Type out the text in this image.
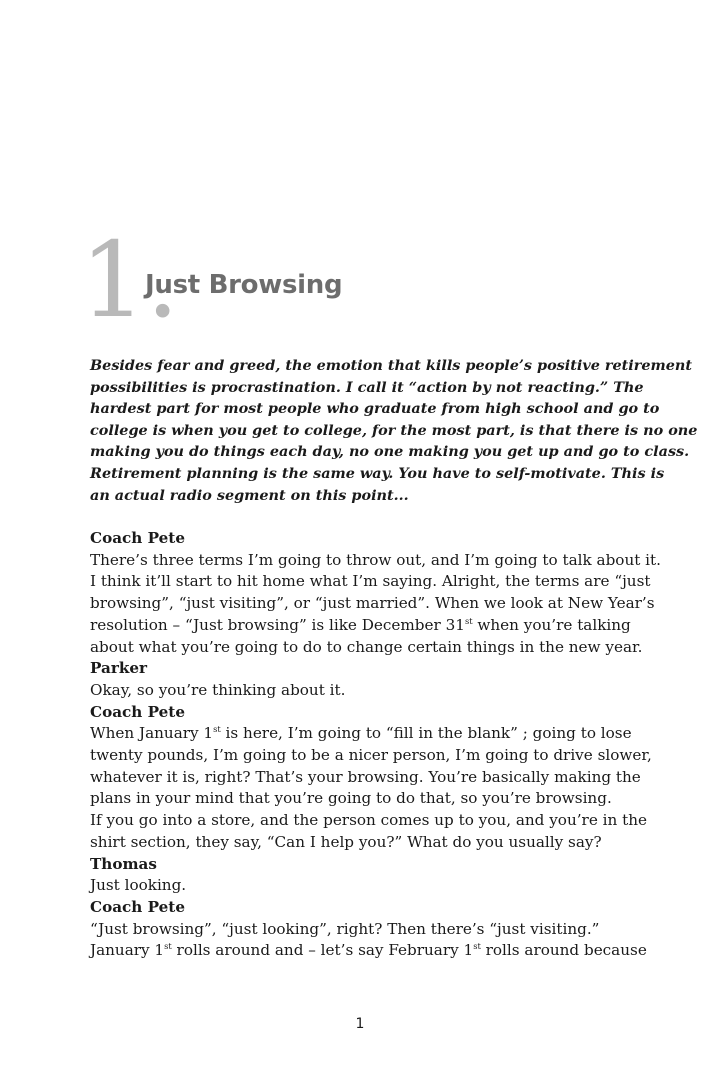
1.
Just Browsing
Besides fear and greed, the emotion that kills people’s positive retirement
possibilities is procrastination. I call it “action by not reacting.” The
hardest part for most people who graduate from high school and go to
college is when you get to college, for the most part, is that there is no one
making you do things each day, no one making you get up and go to class.
Retirement planning is the same way. You have to self-motivate. This is
an actual radio segment on this point...

Coach Pete

There’s three terms I’m going to throw out, and I’m going to talk about it.
I think it’ll start to hit home what I’m saying. Alright, the terms are “just
browsing”, “just visiting”, or “just married”. When we look at New Year’s
resolution – “Just browsing” is like December 31st when you’re talking
about what you’re going to do to change certain things in the new year.

Parker

Okay, so you’re thinking about it.

Coach Pete

When January 1st is here, I’m going to “fill in the blank” ; going to lose
twenty pounds, I’m going to be a nicer person, I’m going to drive slower,
whatever it is, right? That’s your browsing. You’re basically making the
plans in your mind that you’re going to do that, so you’re browsing.
If you go into a store, and the person comes up to you, and you’re in the
shirt section, they say, “Can I help you?” What do you usually say?

Thomas

Just looking.

Coach Pete

“Just browsing”, “just looking”, right? Then there’s “just visiting.”
January 1st rolls around and – let’s say February 1st rolls around because
1
